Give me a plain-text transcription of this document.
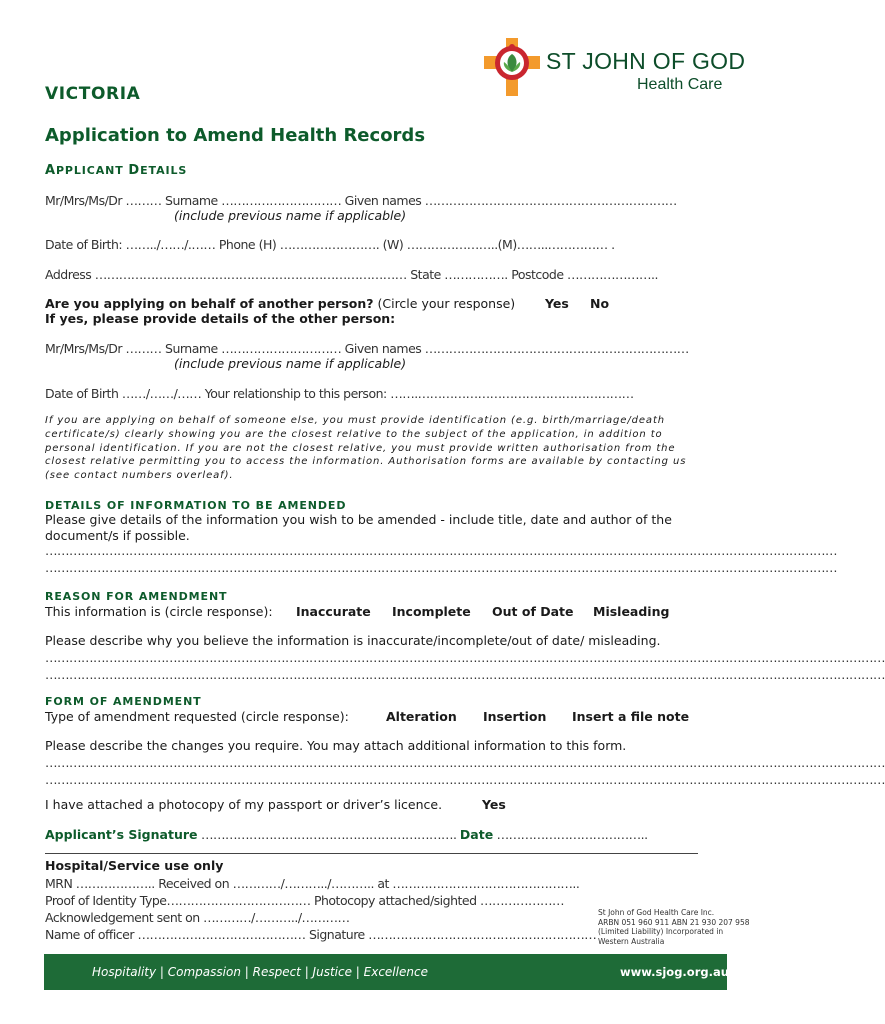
ST JOHN OF GOD
Health Care
VICTORIA
Application to Amend Health Records
APPLICANT DETAILS
Mr/Mrs/Ms/Dr ……… Surname ………………………… Given names ………………………………………………………
(include previous name if applicable)
Date of Birth: ……../……/.…… Phone (H) ……………………. (W) …………………..(M)……..…………… .
Address …………………………………………………………………… State ……………. Postcode …………………..
Are you applying on behalf of another person? (Circle your response) Yes No
If yes, please provide details of the other person:
Mr/Mrs/Ms/Dr ……… Surname ………………………… Given names …………………………………………………………
(include previous name if applicable)
Date of Birth ……/……/…… Your relationship to this person: …….………………………………………………
If you are applying on behalf of someone else, you must provide identification (e.g. birth/marriage/death certificate/s) clearly showing you are the closest relative to the subject of the application, in addition to personal identification. If you are not the closest relative, you must provide written authorisation from the closest relative permitting you to access the information. Authorisation forms are available by contacting us (see contact numbers overleaf).
DETAILS OF INFORMATION TO BE AMENDED
Please give details of the information you wish to be amended - include title, date and author of the document/s if possible.
………………………………………………………………………………………………………………………………………………………………………………
………………………………………………………………………………………………………………………………………………………………………………
REASON FOR AMENDMENT
This information is (circle response): Inaccurate Incomplete Out of Date Misleading
Please describe why you believe the information is inaccurate/incomplete/out of date/ misleading.
…………………………………………………………………………………………………………………………………………………………………………………………
…………………………………………………………………………………………………………………………………………………………………………………………
FORM OF AMENDMENT
Type of amendment requested (circle response):	Alteration Insertion Insert a file note
Please describe the changes you require. You may attach additional information to this form.
…………………………………………………………………………………………………………………………………………………………………………………………
…………………………………………………………………………………………………………………………………………………………………………………………
I have attached a photocopy of my passport or driver’s licence.	Yes
Applicant’s Signature ………………………………………………………. Date ………………………………..
Hospital/Service use only
MRN ……………….. Received on …………/………../……….. at ………………………………………..
Proof of Identity Type……………………………… Photocopy attached/sighted …………………
Acknowledgement sent on …………/………../…………
Name of officer …………………………………… Signature …………………………………………………
St John of God Health Care Inc.
ARBN 051 960 911 ABN 21 930 207 958
(Limited Liability) Incorporated in
Western Australia
Hospitality | Compassion | Respect | Justice | Excellence	www.sjog.org.au
